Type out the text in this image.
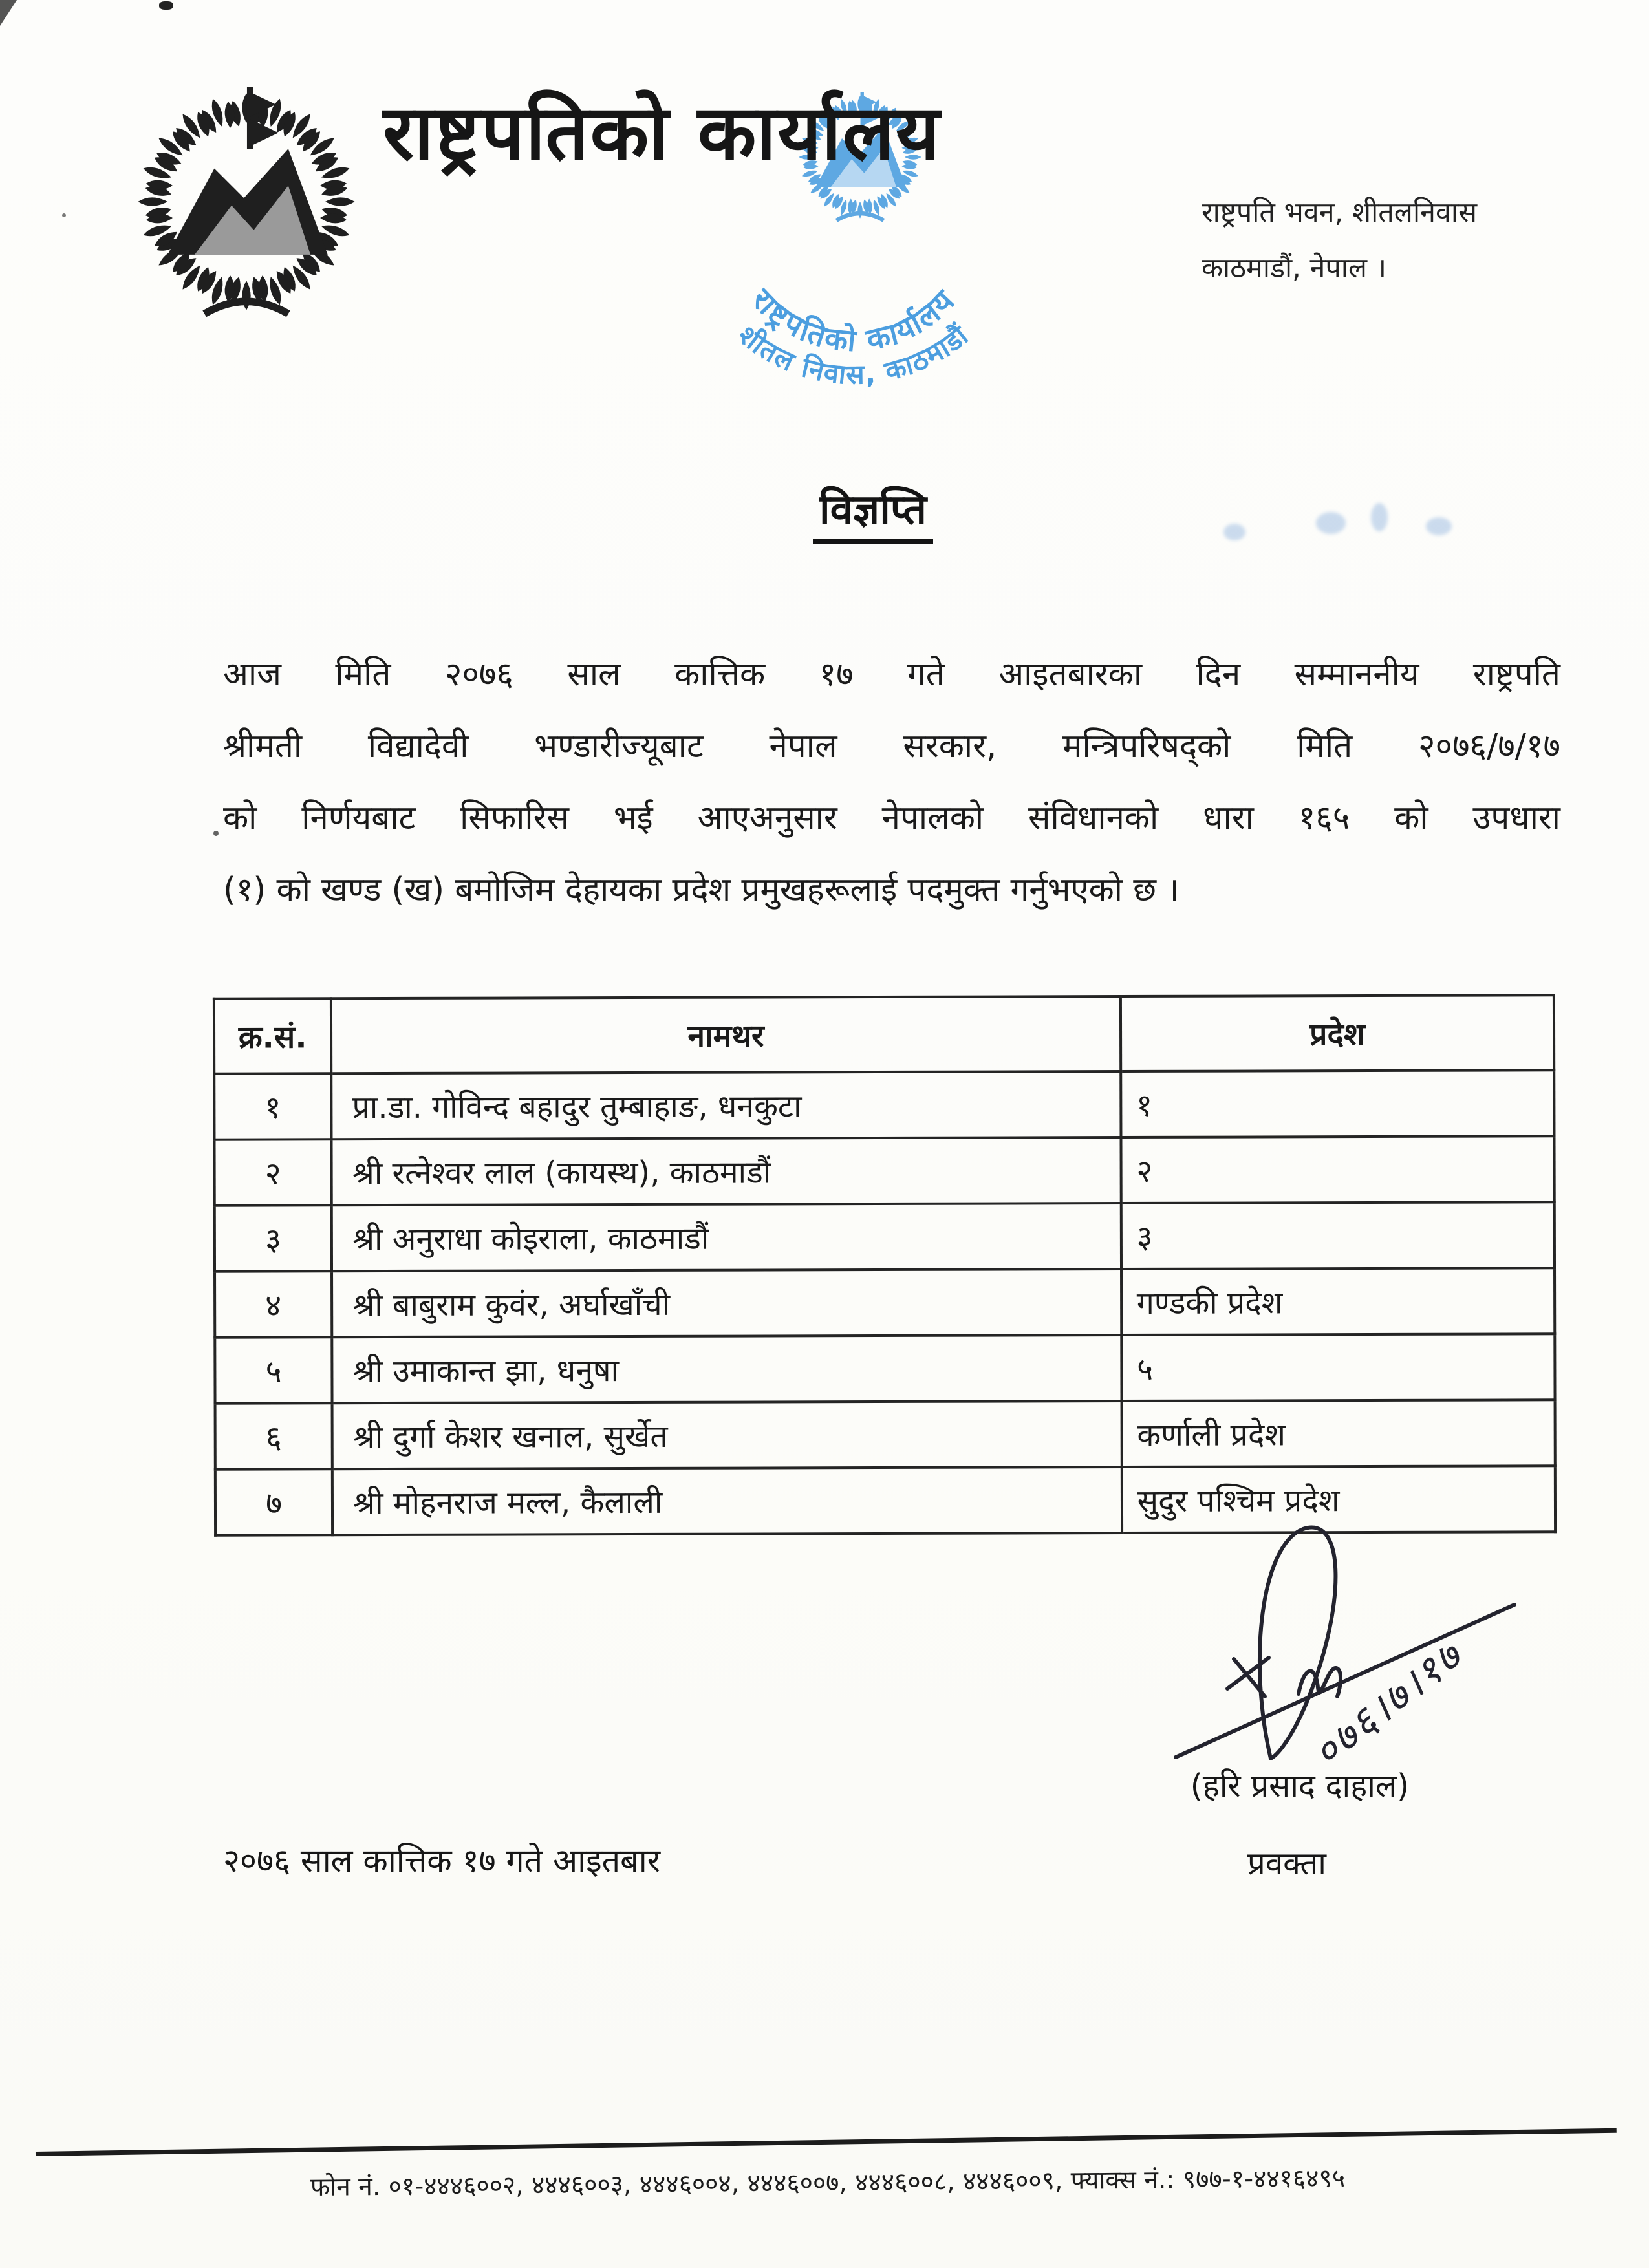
राष्ट्रपतिको कार्यालय
शीतल निवास, काठमाडौं
राष्ट्रपतिको कार्यालय
राष्ट्रपति भवन, शीतलनिवास
काठमाडौं, नेपाल ।
विज्ञप्ति
आज मिति २०७६ साल कात्तिक १७ गते आइतबारका दिन सम्माननीय राष्ट्रपति
श्रीमती विद्यादेवी भण्डारीज्यूबाट नेपाल सरकार, मन्त्रिपरिषद्को मिति २०७६/७/१७
को निर्णयबाट सिफारिस भई आएअनुसार नेपालको संविधानको धारा १६५ को उपधारा
(१) को खण्ड (ख) बमोजिम देहायका प्रदेश प्रमुखहरूलाई पदमुक्त गर्नुभएको छ ।
क्र.सं.	नामथर	प्रदेश
१	प्रा.डा. गोविन्द बहादुर तुम्बाहाङ, धनकुटा	१
२	श्री रत्नेश्वर लाल (कायस्थ), काठमाडौं	२
३	श्री अनुराधा कोइराला, काठमाडौं	३
४	श्री बाबुराम कुवंर, अर्घाखाँची	गण्डकी प्रदेश
५	श्री उमाकान्त झा, धनुषा	५
६	श्री दुर्गा केशर खनाल, सुर्खेत	कर्णाली प्रदेश
७	श्री मोहनराज मल्ल, कैलाली	सुदुर पश्चिम प्रदेश
०७६।७।१७
(हरि प्रसाद दाहाल)
प्रवक्ता
२०७६ साल कात्तिक १७ गते आइतबार
फोन नं. ०१-४४४६००२, ४४४६००३, ४४४६००४, ४४४६००७, ४४४६००८, ४४४६००९, फ्याक्स नं.: ९७७-१-४४१६४९५
